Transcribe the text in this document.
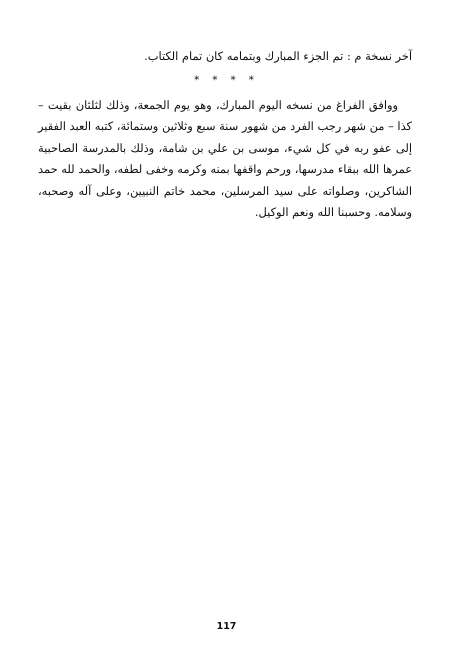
آخر نسخة م : تم الجزء المبارك وبتمامه كان تمام الكتاب.

* * * *

ووافق الفراغ من نسخه اليوم المبارك، وهو يوم الجمعة، وذلك لثلثان بقيت – كذا – من شهر رجب الفرد من شهور سنة سبع وثلاثين وستمائة، كتبه العبد الفقير إلى عفو ربه في كل شيء، موسى بن علي بن شامة، وذلك بالمدرسة الصاحبية عمرها الله ببقاء مدرسها، ورحم واقفها بمنه وكرمه وخفى لطفه، والحمد لله حمد الشاكرين، وصلواته على سيد المرسلين، محمد خاتم النبيين، وعلى آله وصحبه، وسلامه. وحسبنا الله ونعم الوكيل.

117
